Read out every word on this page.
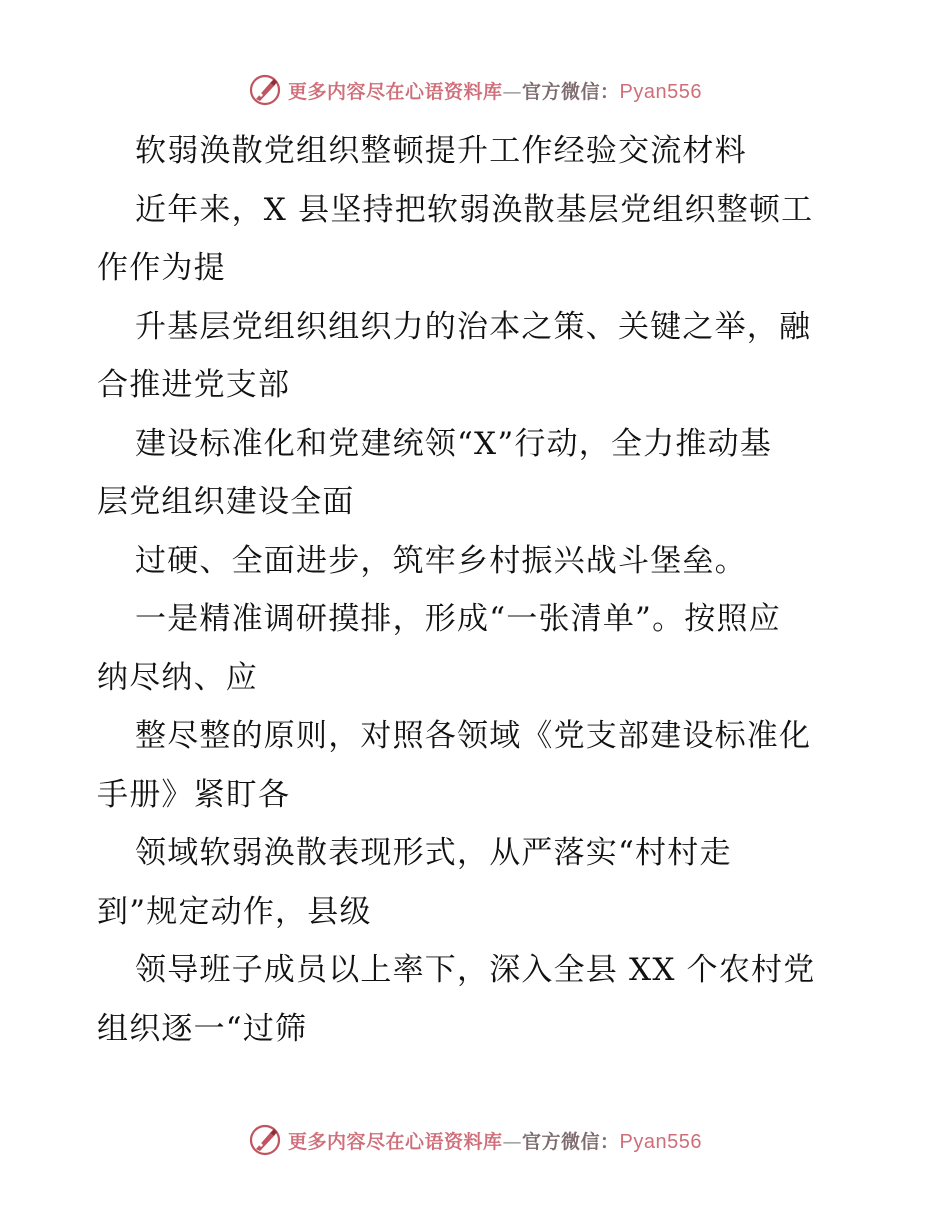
更多内容尽在心语资料库—官方微信：Pyan556
软弱涣散党组织整顿提升工作经验交流材料
近年来，X 县坚持把软弱涣散基层党组织整顿工
作作为提
升基层党组织组织力的治本之策、关键之举，融
合推进党支部
建设标准化和党建统领“X”行动，全力推动基
层党组织建设全面
过硬、全面进步，筑牢乡村振兴战斗堡垒。
一是精准调研摸排，形成“一张清单”。按照应
纳尽纳、应
整尽整的原则，对照各领域《党支部建设标准化
手册》紧盯各
领域软弱涣散表现形式，从严落实“村村走
到”规定动作，县级
领导班子成员以上率下，深入全县 XX 个农村党
组织逐一“过筛
更多内容尽在心语资料库—官方微信：Pyan556
